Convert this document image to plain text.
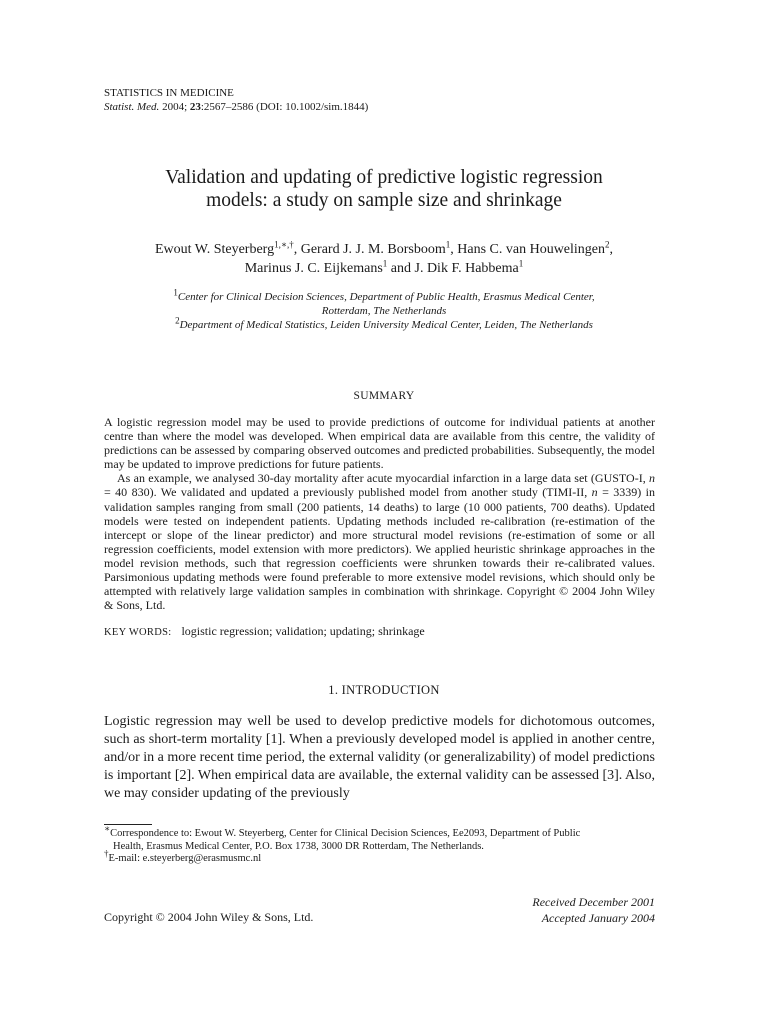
STATISTICS IN MEDICINE
Statist. Med. 2004; 23:2567–2586 (DOI: 10.1002/sim.1844)
Validation and updating of predictive logistic regression
models: a study on sample size and shrinkage
Ewout W. Steyerberg$^{1,∗,\dagger}$, Gerard J. J. M. Borsboom$^1$, Hans C. van Houwelingen$^2$,
Marinus J. C. Eijkemans$^1$ and J. Dik F. Habbema$^1$
$^1$Center for Clinical Decision Sciences, Department of Public Health, Erasmus Medical Center,
Rotterdam, The Netherlands
$^2$Department of Medical Statistics, Leiden University Medical Center, Leiden, The Netherlands
SUMMARY

A logistic regression model may be used to provide predictions of outcome for individual patients at another centre than where the model was developed. When empirical data are available from this centre, the validity of predictions can be assessed by comparing observed outcomes and predicted probabilities. Subsequently, the model may be updated to improve predictions for future patients.

As an example, we analysed 30-day mortality after acute myocardial infarction in a large data set (GUSTO-I, n = 40 830). We validated and updated a previously published model from another study (TIMI-II, n = 3339) in validation samples ranging from small (200 patients, 14 deaths) to large (10 000 patients, 700 deaths). Updated models were tested on independent patients. Updating methods included re-calibration (re-estimation of the intercept or slope of the linear predictor) and more structural model revisions (re-estimation of some or all regression coefficients, model extension with more predictors). We applied heuristic shrinkage approaches in the model revision methods, such that regression coefficients were shrunken towards their re-calibrated values. Parsimonious updating methods were found preferable to more extensive model revisions, which should only be attempted with relatively large validation samples in combination with shrinkage. Copyright © 2004 John Wiley & Sons, Ltd.

KEY WORDS: logistic regression; validation; updating; shrinkage
1. INTRODUCTION
Logistic regression may well be used to develop predictive models for dichotomous outcomes, such as short-term mortality [1]. When a previously developed model is applied in another centre, and/or in a more recent time period, the external validity (or generalizability) of model predictions is important [2]. When empirical data are available, the external validity can be assessed [3]. Also, we may consider updating of the previously

∗Correspondence to: Ewout W. Steyerberg, Center for Clinical Decision Sciences, Ee2093, Department of Public

Health, Erasmus Medical Center, P.O. Box 1738, 3000 DR Rotterdam, The Netherlands.

†E-mail: e.steyerberg@erasmusmc.nl

Received December 2001
Accepted January 2004
Copyright © 2004 John Wiley & Sons, Ltd.
